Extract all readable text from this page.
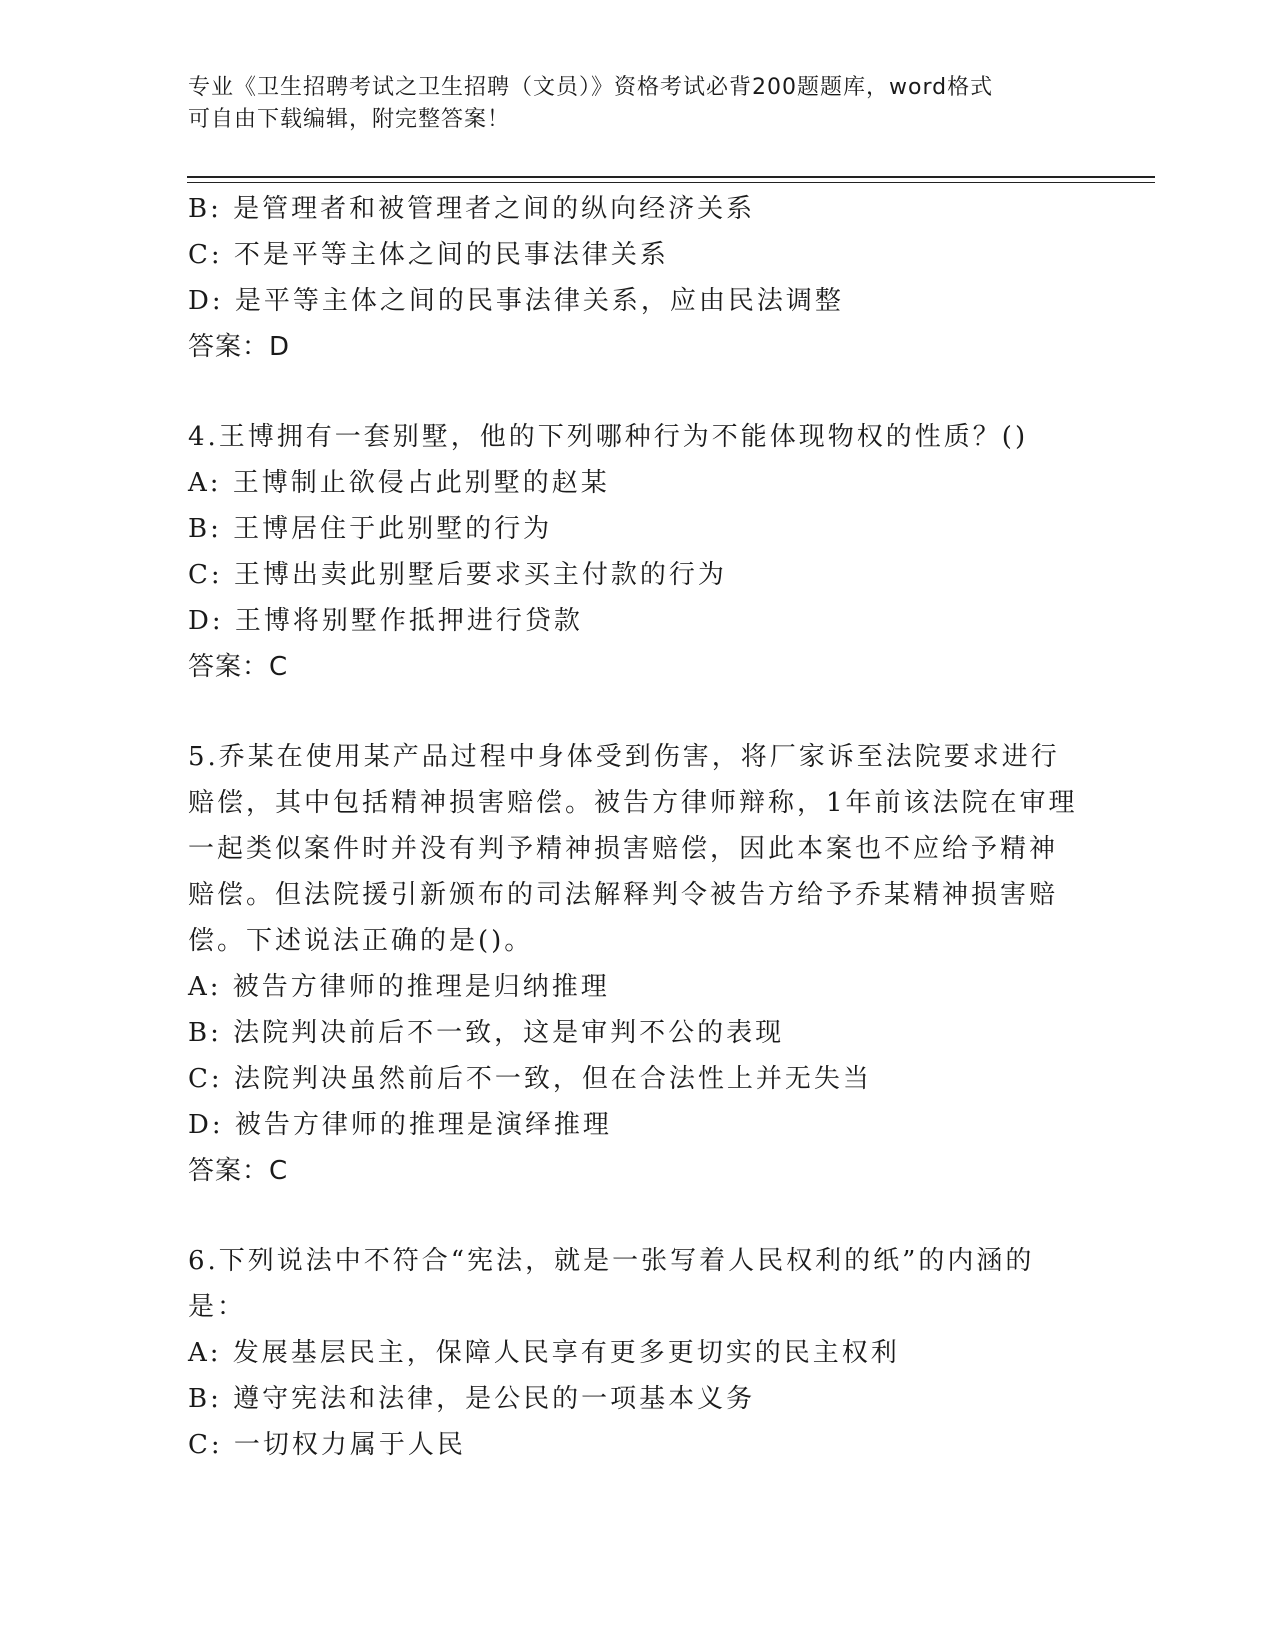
专业《卫生招聘考试之卫生招聘（文员）》资格考试必背200题题库，word格式
可自由下载编辑，附完整答案！
B: 是管理者和被管理者之间的纵向经济关系
C: 不是平等主体之间的民事法律关系
D: 是平等主体之间的民事法律关系，应由民法调整
答案：D
4.王博拥有一套别墅，他的下列哪种行为不能体现物权的性质？()
A: 王博制止欲侵占此别墅的赵某
B: 王博居住于此别墅的行为
C: 王博出卖此别墅后要求买主付款的行为
D: 王博将别墅作抵押进行贷款
答案：C
5.乔某在使用某产品过程中身体受到伤害，将厂家诉至法院要求进行
赔偿，其中包括精神损害赔偿。被告方律师辩称，1年前该法院在审理
一起类似案件时并没有判予精神损害赔偿，因此本案也不应给予精神
赔偿。但法院援引新颁布的司法解释判令被告方给予乔某精神损害赔
偿。下述说法正确的是()。
A: 被告方律师的推理是归纳推理
B: 法院判决前后不一致，这是审判不公的表现
C: 法院判决虽然前后不一致，但在合法性上并无失当
D: 被告方律师的推理是演绎推理
答案：C
6.下列说法中不符合“宪法，就是一张写着人民权利的纸”的内涵的
是：
A: 发展基层民主，保障人民享有更多更切实的民主权利
B: 遵守宪法和法律，是公民的一项基本义务
C: 一切权力属于人民
